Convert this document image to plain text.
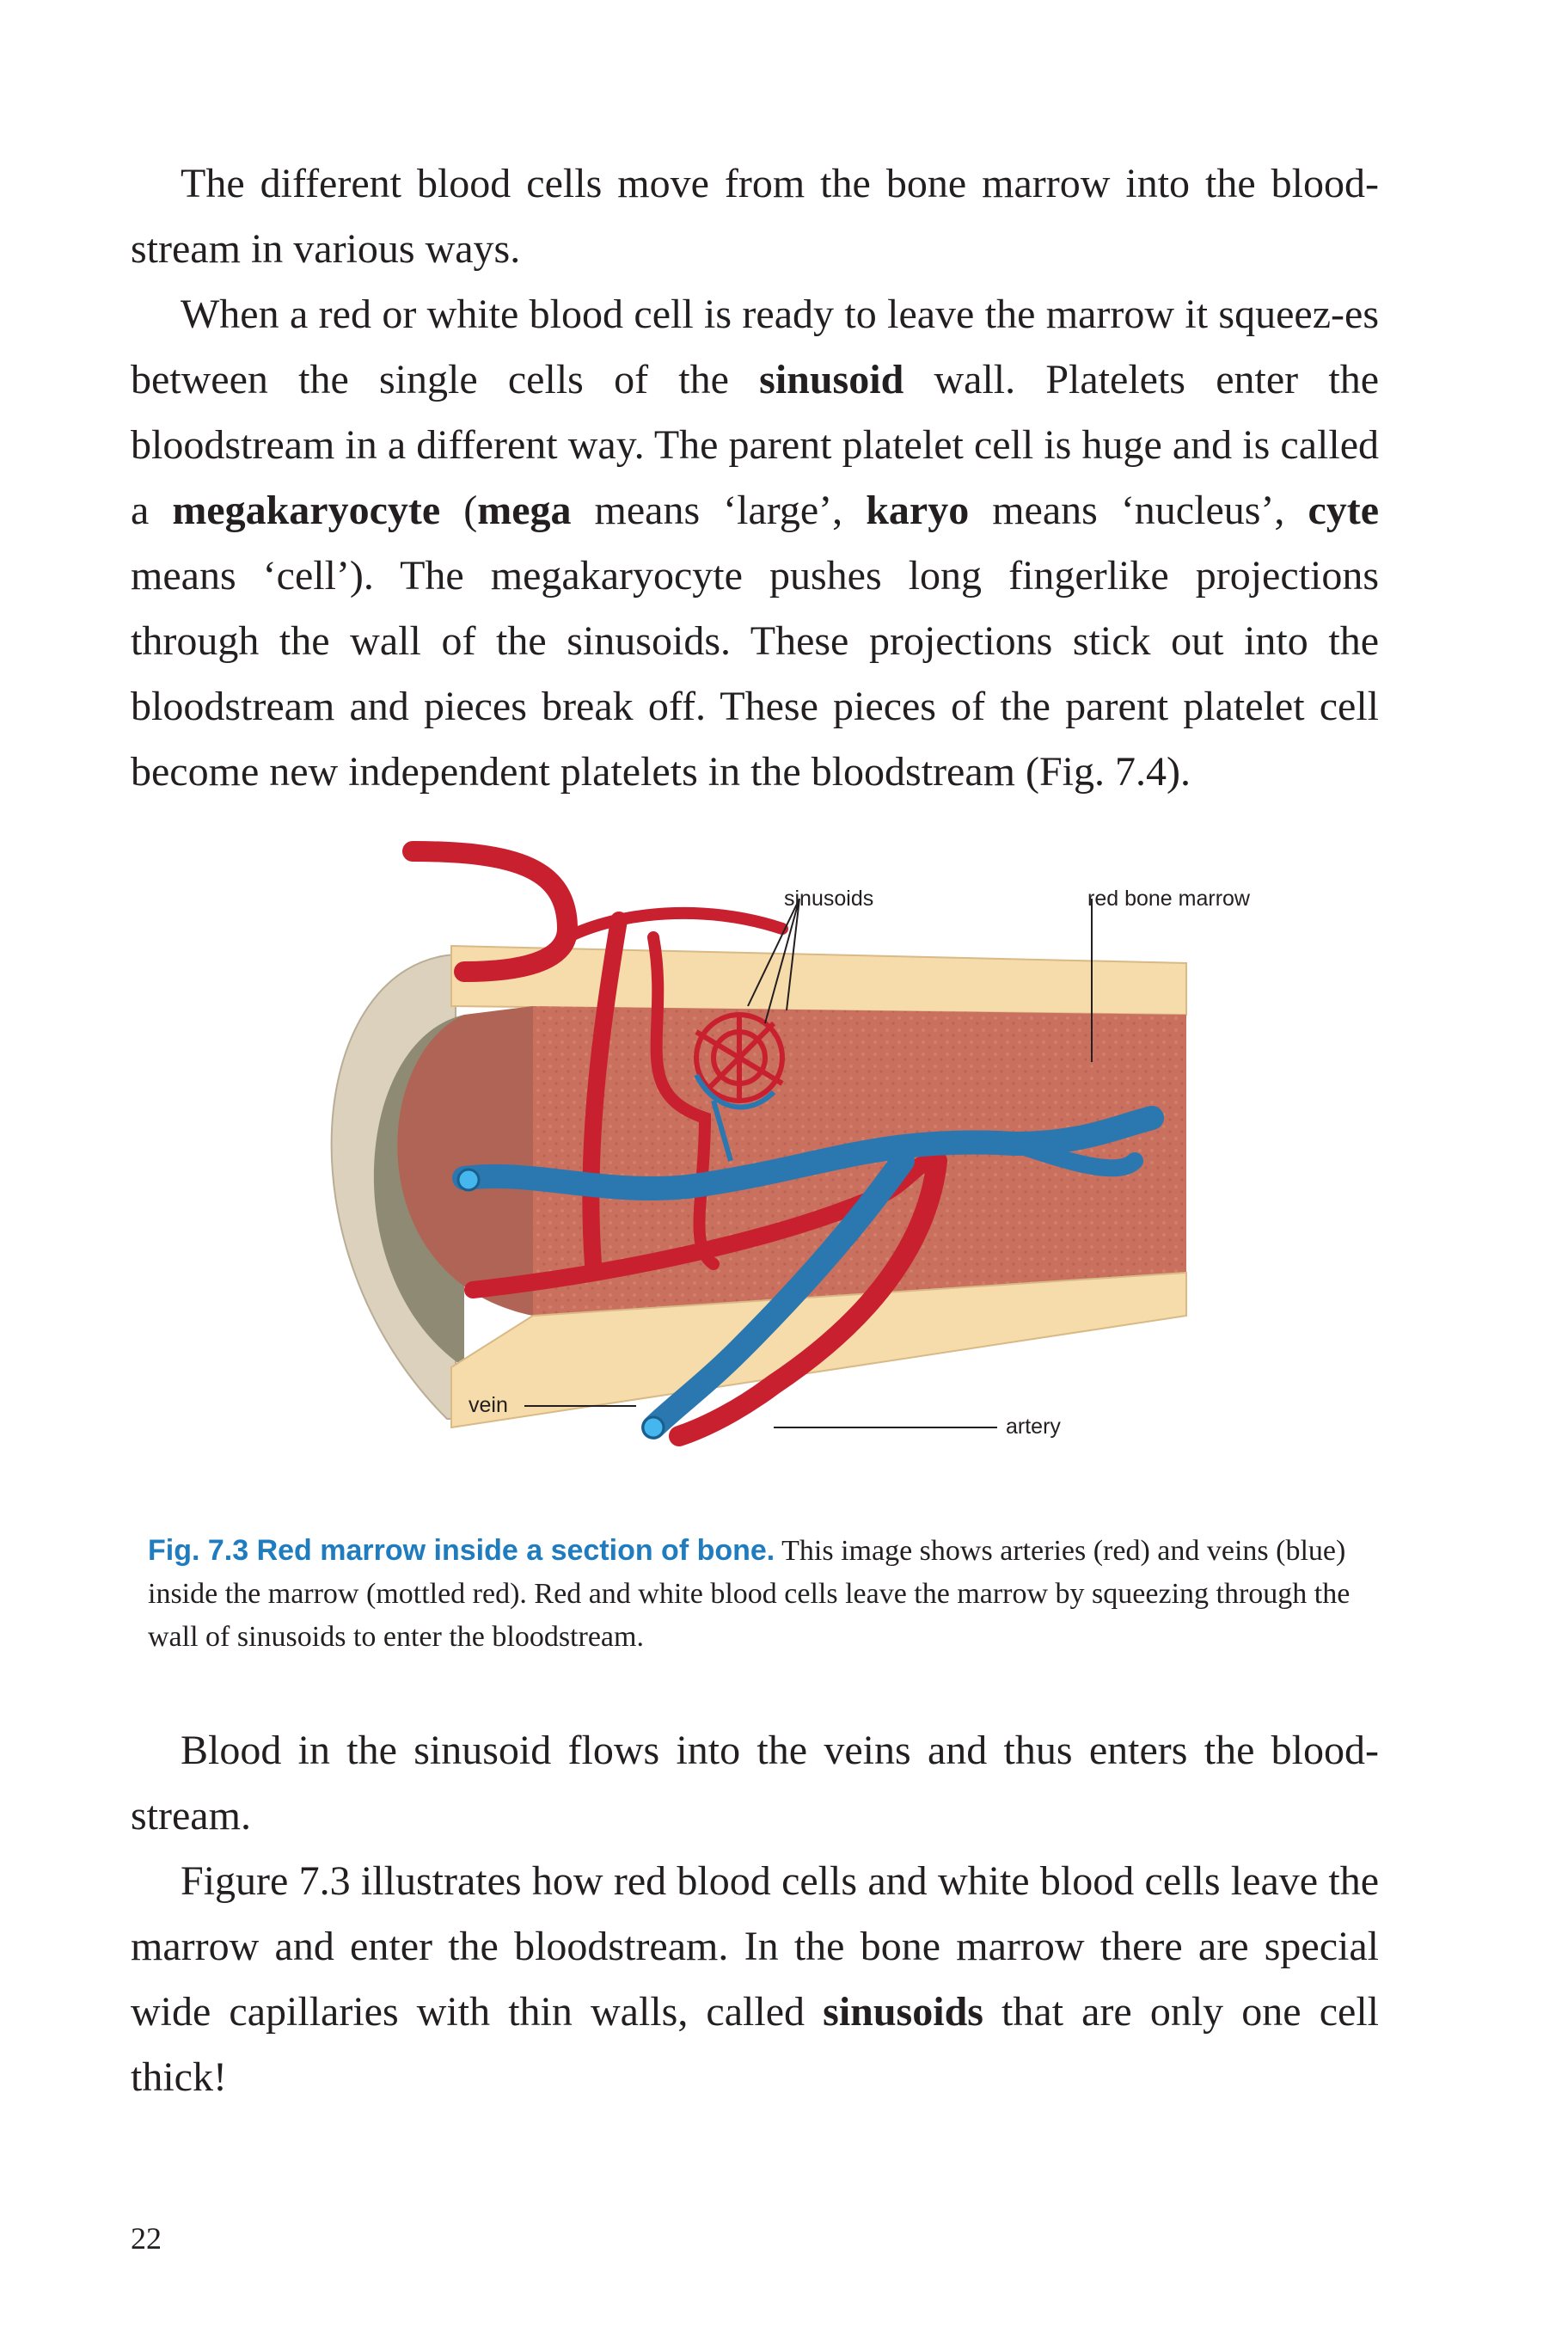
The different blood cells move from the bone marrow into the blood-stream in various ways.

When a red or white blood cell is ready to leave the marrow it squeez-es between the single cells of the sinusoid wall. Platelets enter the bloodstream in a different way. The parent platelet cell is huge and is called a megakaryocyte (mega means ‘large’, karyo means ‘nucleus’, cyte means ‘cell’). The megakaryocyte pushes long fingerlike projections through the wall of the sinusoids. These projections stick out into the bloodstream and pieces break off. These pieces of the parent platelet cell become new independent platelets in the bloodstream (Fig. 7.4).

sinusoids	red bone marrow
vein
artery
Fig. 7.3 Red marrow inside a section of bone. This image shows arteries (red) and veins (blue) inside the marrow (mottled red). Red and white blood cells leave the marrow by squeezing through the wall of sinusoids to enter the bloodstream.

Blood in the sinusoid flows into the veins and thus enters the blood-stream.

Figure 7.3 illustrates how red blood cells and white blood cells leave the marrow and enter the bloodstream. In the bone marrow there are special wide capillaries with thin walls, called sinusoids that are only one cell thick!

22
